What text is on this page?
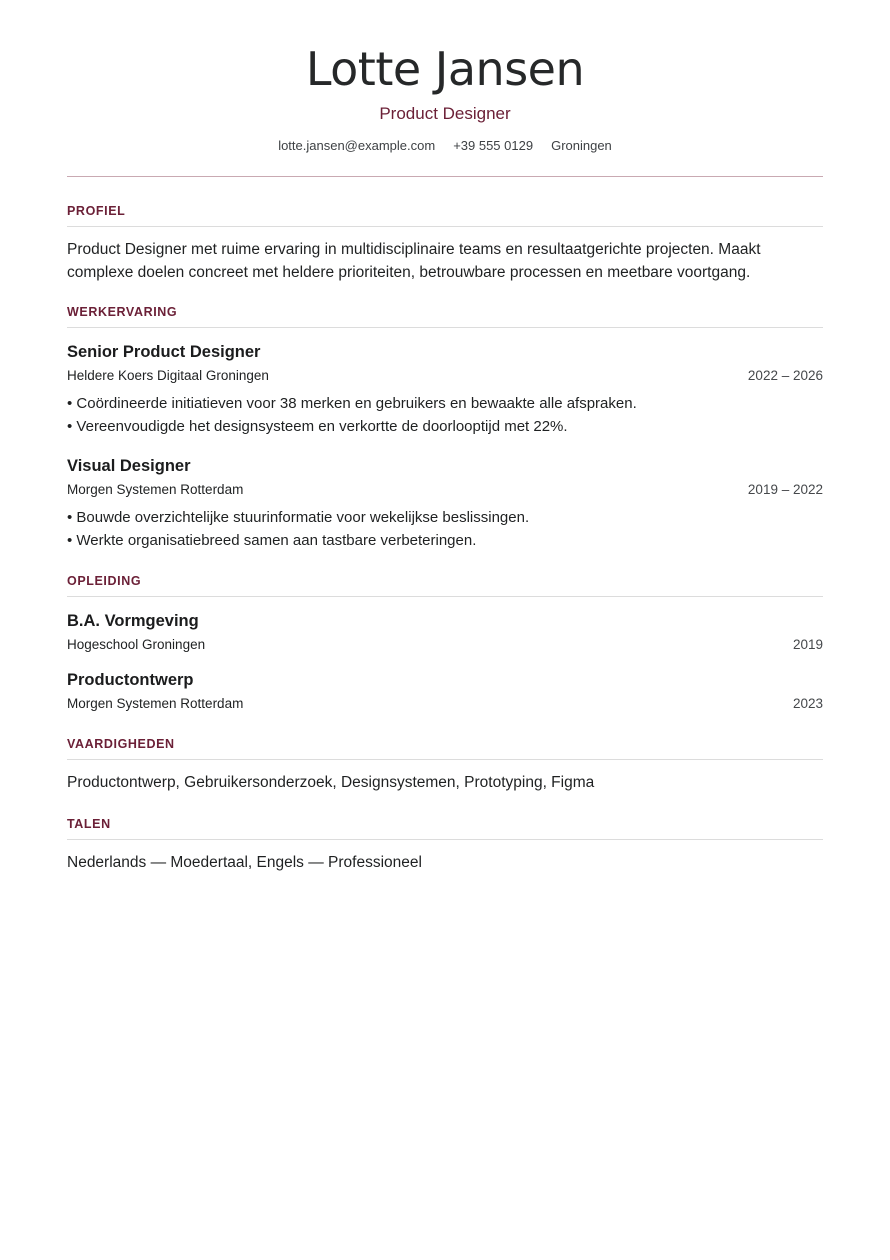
Lotte Jansen
Product Designer
lotte.jansen@example.com +39 555 0129 Groningen
PROFIEL
Product Designer met ruime ervaring in multidisciplinaire teams en resultaatgerichte projecten. Maakt complexe doelen concreet met heldere prioriteiten, betrouwbare processen en meetbare voortgang.
WERKERVARING
Senior Product Designer
Heldere Koers Digitaal Groningen	2022 – 2026
• Coördineerde initiatieven voor 38 merken en gebruikers en bewaakte alle afspraken.
• Vereenvoudigde het designsysteem en verkortte de doorlooptijd met 22%.
Visual Designer
Morgen Systemen Rotterdam	2019 – 2022
• Bouwde overzichtelijke stuurinformatie voor wekelijkse beslissingen.
• Werkte organisatiebreed samen aan tastbare verbeteringen.
OPLEIDING
B.A. Vormgeving
Hogeschool Groningen	2019
Productontwerp
Morgen Systemen Rotterdam	2023
VAARDIGHEDEN
Productontwerp, Gebruikersonderzoek, Designsystemen, Prototyping, Figma
TALEN
Nederlands — Moedertaal, Engels — Professioneel
